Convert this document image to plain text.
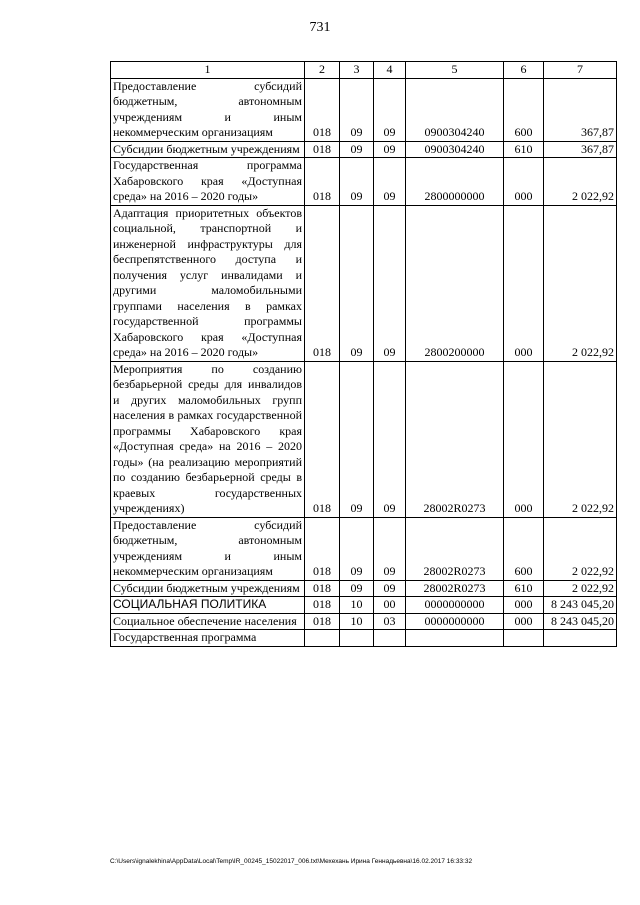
731
1	2	3	4	5	6	7
Предоставление субсидий бюджетным, автономным учреждениям и иным некоммерческим организациям	018	09	09	0900304240	600	367,87
Субсидии бюджетным учреждениям	018	09	09	0900304240	610	367,87
Государственная программа Хабаровского края «Доступная среда» на 2016 – 2020 годы»	018	09	09	2800000000	000	2 022,92
Адаптация приоритетных объектов социальной, транспортной и инженерной инфраструктуры для беспрепятственного доступа и получения услуг инвалидами и другими маломобильными группами населения в рамках государственной программы Хабаровского края «Доступная среда» на 2016 – 2020 годы»	018	09	09	2800200000	000	2 022,92
Мероприятия по созданию безбарьерной среды для инвалидов и других маломобильных групп населения в рамках государственной программы Хабаровского края «Доступная среда» на 2016 – 2020 годы» (на реализацию мероприятий по созданию безбарьерной среды в краевых государственных учреждениях)	018	09	09	28002R0273	000	2 022,92
Предоставление субсидий бюджетным, автономным учреждениям и иным некоммерческим организациям	018	09	09	28002R0273	600	2 022,92
Субсидии бюджетным учреждениям	018	09	09	28002R0273	610	2 022,92
СОЦИАЛЬНАЯ ПОЛИТИКА	018	10	00	0000000000	000	8 243 045,20
Социальное обеспечение населения	018	10	03	0000000000	000	8 243 045,20
Государственная программа						
C:\Users\ignalekhina\AppData\Local\Temp\IR_00245_15022017_006.txt\Мехехань Ирина Геннадьевна\16.02.2017 16:33:32
